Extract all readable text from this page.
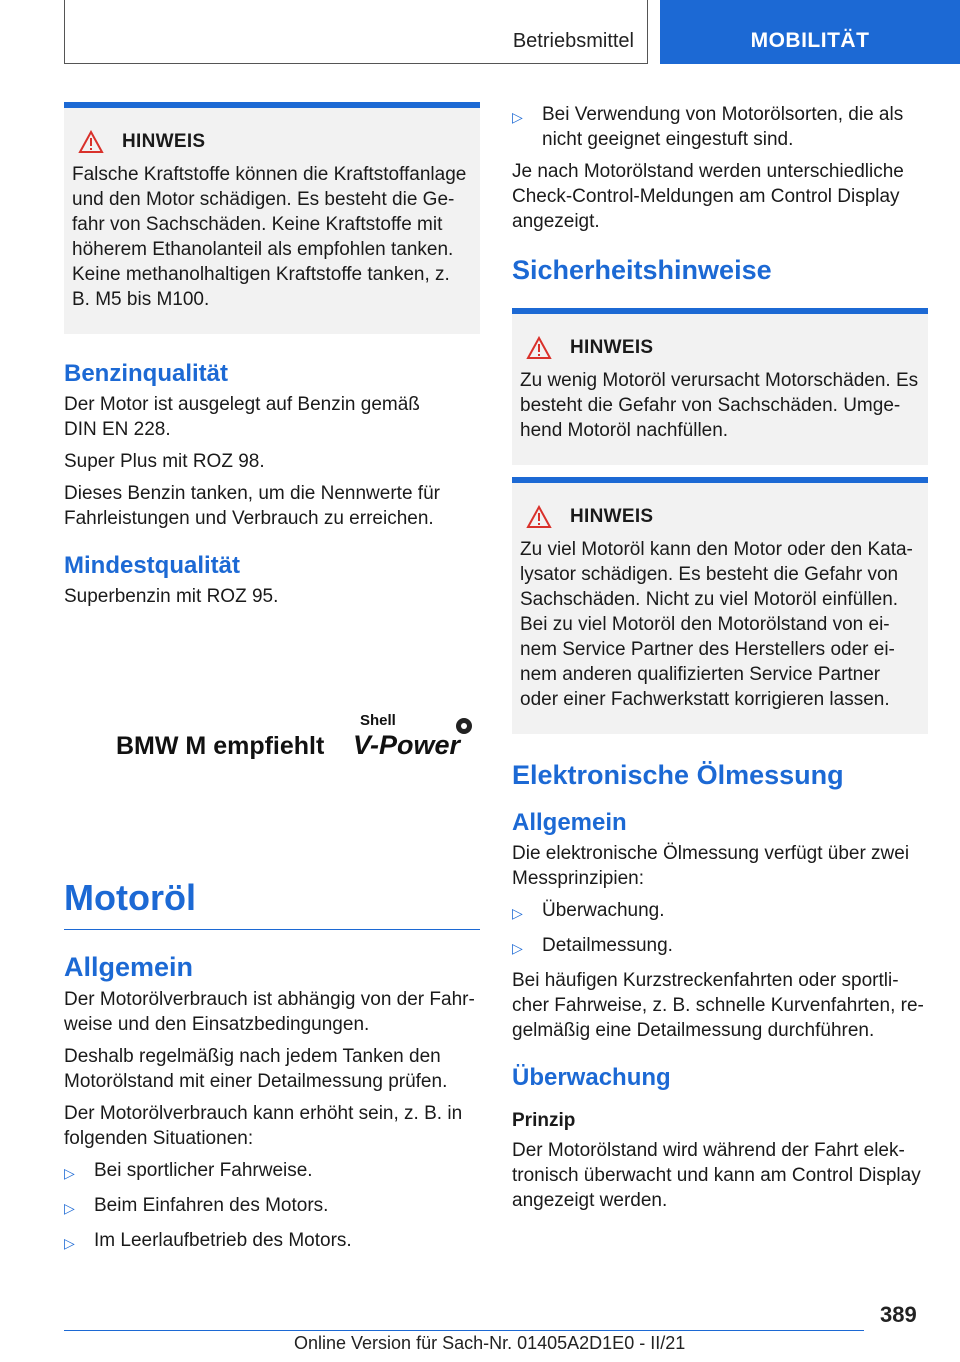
Betriebsmittel	MOBILITÄT
HINWEIS

Falsche Kraftstoffe können die Kraftstoffanlage und den Motor schädigen. Es besteht die Ge-fahr von Sachschäden. Keine Kraftstoffe mit höherem Ethanolanteil als empfohlen tanken. Keine methanolhaltigen Kraftstoffe tanken, z. B. M5 bis M100.

Benzinqualität

Der Motor ist ausgelegt auf Benzin gemäß DIN EN 228.

Super Plus mit ROZ 98.

Dieses Benzin tanken, um die Nennwerte für Fahrleistungen und Verbrauch zu erreichen.

Mindestqualität

Superbenzin mit ROZ 95.

BMW M empfiehlt
Shell
V-Power
Motoröl
Allgemein

Der Motorölverbrauch ist abhängig von der Fahr-weise und den Einsatzbedingungen.

Deshalb regelmäßig nach jedem Tanken den Motorölstand mit einer Detailmessung prüfen.

Der Motorölverbrauch kann erhöht sein, z. B. in folgenden Situationen:

▷	Bei sportlicher Fahrweise.
▷	Beim Einfahren des Motors.
▷	Im Leerlaufbetrieb des Motors.
▷	Bei Verwendung von Motorölsorten, die als nicht geeignet eingestuft sind.

Je nach Motorölstand werden unterschiedliche Check-Control-Meldungen am Control Display angezeigt.

Sicherheitshinweise
HINWEIS

Zu wenig Motoröl verursacht Motorschäden. Es besteht die Gefahr von Sachschäden. Umge-hend Motoröl nachfüllen.

HINWEIS

Zu viel Motoröl kann den Motor oder den Kata-lysator schädigen. Es besteht die Gefahr von Sachschäden. Nicht zu viel Motoröl einfüllen. Bei zu viel Motoröl den Motorölstand von ei-nem Service Partner des Herstellers oder ei-nem anderen qualifizierten Service Partner oder einer Fachwerkstatt korrigieren lassen.

Elektronische Ölmessung
Allgemein

Die elektronische Ölmessung verfügt über zwei Messprinzipien:

▷	Überwachung.
▷	Detailmessung.

Bei häufigen Kurzstreckenfahrten oder sportli-cher Fahrweise, z. B. schnelle Kurvenfahrten, re-gelmäßig eine Detailmessung durchführen.

Überwachung
Prinzip

Der Motorölstand wird während der Fahrt elek-tronisch überwacht und kann am Control Display angezeigt werden.

389
Online Version für Sach-Nr. 01405A2D1E0 - II/21
